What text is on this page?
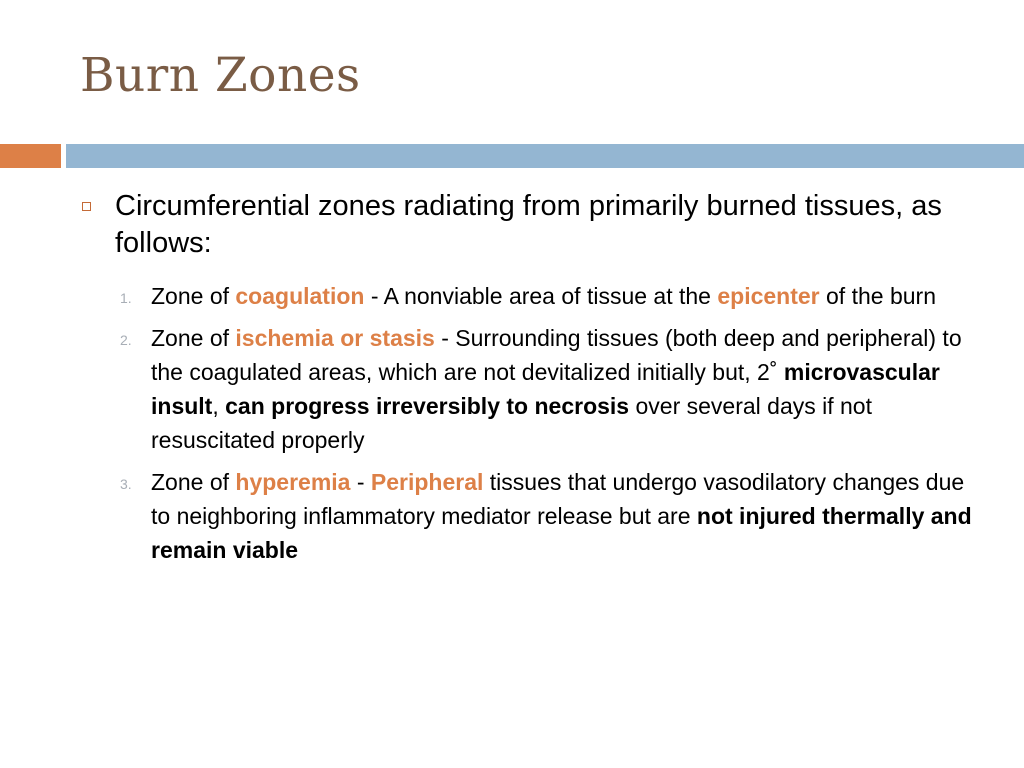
Burn Zones
Circumferential zones radiating from primarily burned tissues, as follows:
1. Zone of coagulation - A nonviable area of tissue at the epicenter of the burn
2. Zone of ischemia or stasis - Surrounding tissues (both deep and peripheral) to the coagulated areas, which are not devitalized initially but, 2˚ microvascular insult, can progress irreversibly to necrosis over several days if not resuscitated properly
3. Zone of hyperemia - Peripheral tissues that undergo vasodilatory changes due to neighboring inflammatory mediator release but are not injured thermally and remain viable
